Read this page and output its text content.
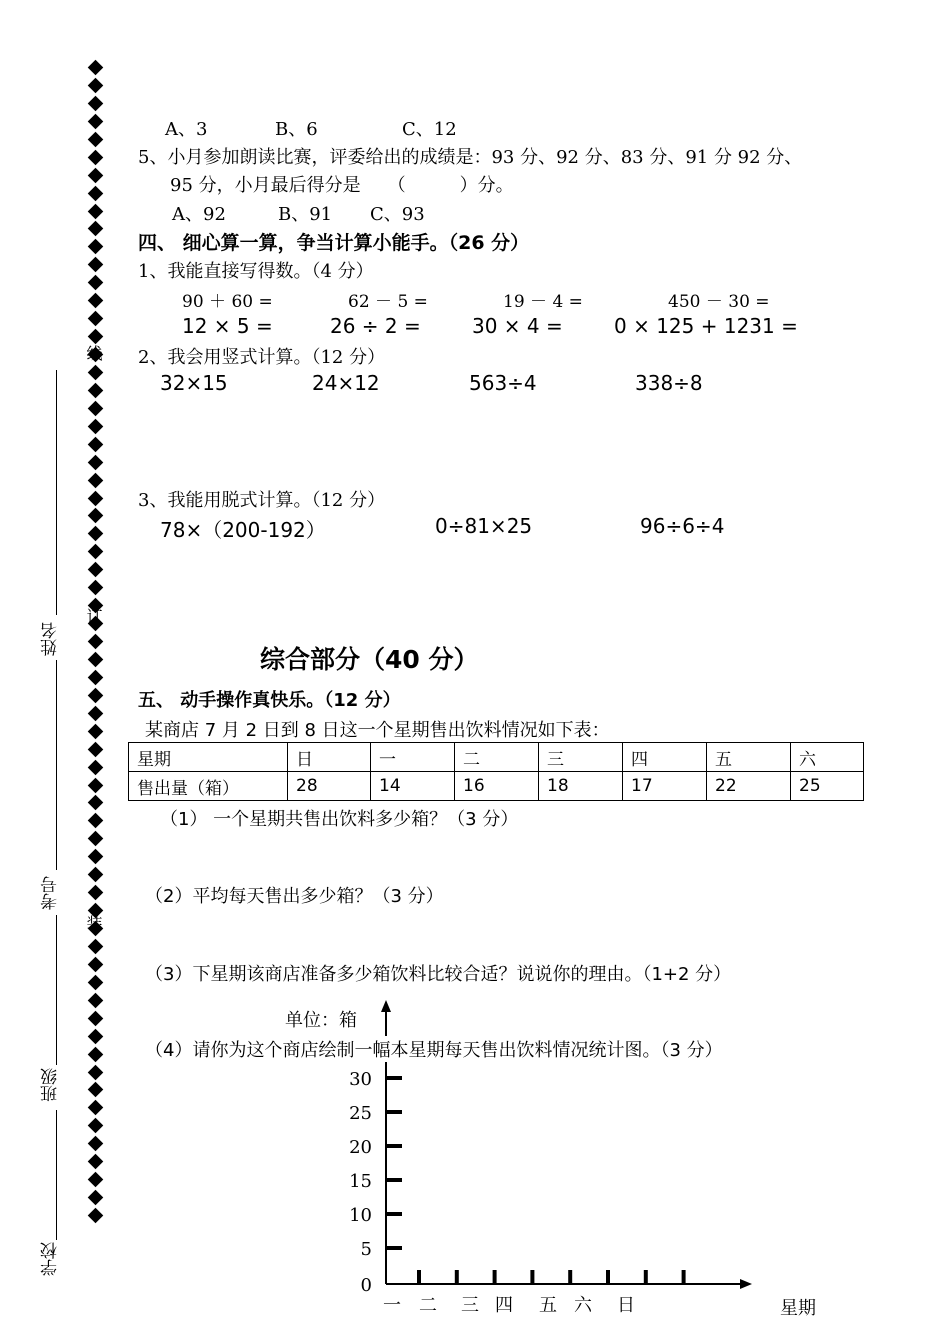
线
订
装
姓名
考号
班级
学校
A、3	B、6	C、12
5、小月参加朗读比赛，评委给出的成绩是：93 分、92 分、83 分、91 分 92 分、
95 分，小月最后得分是　　（　　　）分。
A、92	B、91 C、93
四、 细心算一算，争当计算小能手。（26 分）
1、我能直接写得数。（4 分）
90 ＋ 60 =	62 － 5 =	19 － 4 =	450 － 30 =
12 × 5 =	26 ÷ 2 =	30 × 4 =	0 × 125 + 1231 =
2、我会用竖式计算。（12 分）
32×15	24×12	563÷4	338÷8
3、我能用脱式计算。（12 分）
78×（200-192）	0÷81×25	96÷6÷4
综合部分（40 分）
五、 动手操作真快乐。（12 分）
某商店 7 月 2 日到 8 日这一个星期售出饮料情况如下表：
星期	日	一	二	三	四	五	六
售出量（箱）	28	14	16	18	17	22	25
（1） 一个星期共售出饮料多少箱？（3 分）
（2）平均每天售出多少箱？（3 分）
（3）下星期该商店准备多少箱饮料比较合适？说说你的理由。（1+2 分）
0
5
10
15
20
25
30
一 二 三 四 五 六 日
单位：箱
（4）请你为这个商店绘制一幅本星期每天售出饮料情况统计图。（3 分）
星期
